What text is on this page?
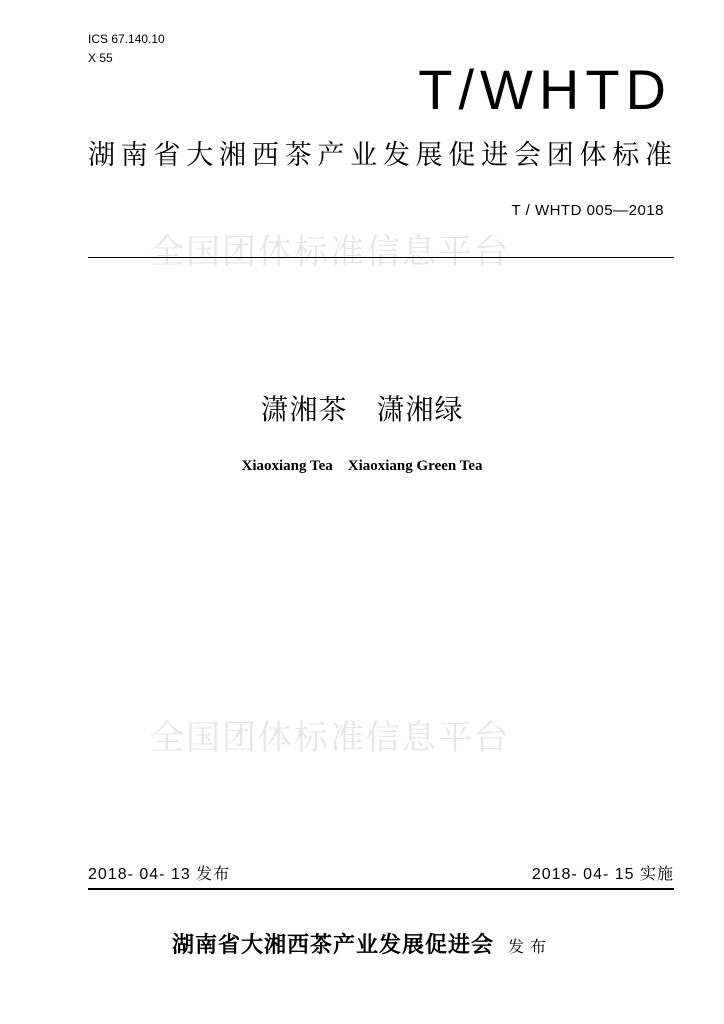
ICS 67.140.10
X 55	T/WHTD
湖南省大湘西茶产业发展促进会团体标准
T / WHTD 005—2018
全国团体标准信息平台
潇湘茶　潇湘绿
Xiaoxiang Tea    Xiaoxiang Green Tea
全国团体标准信息平台
2018- 04- 13 发布	2018- 04- 15 实施
湖南省大湘西茶产业发展促进会 发布
